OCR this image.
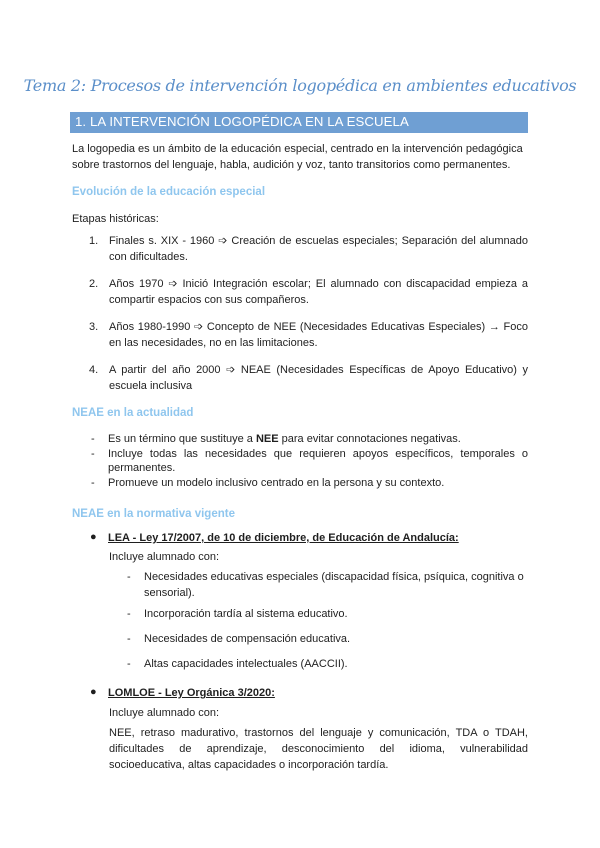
Tema 2: Procesos de intervención logopédica en ambientes educativos
1. LA INTERVENCIÓN LOGOPÉDICA EN LA ESCUELA
La logopedia es un ámbito de la educación especial, centrado en la intervención pedagógica
sobre trastornos del lenguaje, habla, audición y voz, tanto transitorios como permanentes.
Evolución de la educación especial
Etapas históricas:
1. Finales s. XIX - 1960 ➩ Creación de escuelas especiales; Separación del alumnado con dificultades.
2. Años 1970 ➩ Inició Integración escolar; El alumnado con discapacidad empieza a compartir espacios con sus compañeros.
3. Años 1980-1990 ➩ Concepto de NEE (Necesidades Educativas Especiales) → Foco en las necesidades, no en las limitaciones.
4. A partir del año 2000 ➩ NEAE (Necesidades Específicas de Apoyo Educativo) y escuela inclusiva
NEAE en la actualidad
- Es un término que sustituye a NEE para evitar connotaciones negativas.
- Incluye todas las necesidades que requieren apoyos específicos, temporales o permanentes.
- Promueve un modelo inclusivo centrado en la persona y su contexto.
NEAE en la normativa vigente
● LEA - Ley 17/2007, de 10 de diciembre, de Educación de Andalucía:
Incluye alumnado con:
- Necesidades educativas especiales (discapacidad física, psíquica, cognitiva o sensorial).
- Incorporación tardía al sistema educativo.
- Necesidades de compensación educativa.
- Altas capacidades intelectuales (AACCII).
● LOMLOE - Ley Orgánica 3/2020:
Incluye alumnado con:
NEE, retraso madurativo, trastornos del lenguaje y comunicación, TDA o TDAH, dificultades de aprendizaje, desconocimiento del idioma, vulnerabilidad socioeducativa, altas capacidades o incorporación tardía.
